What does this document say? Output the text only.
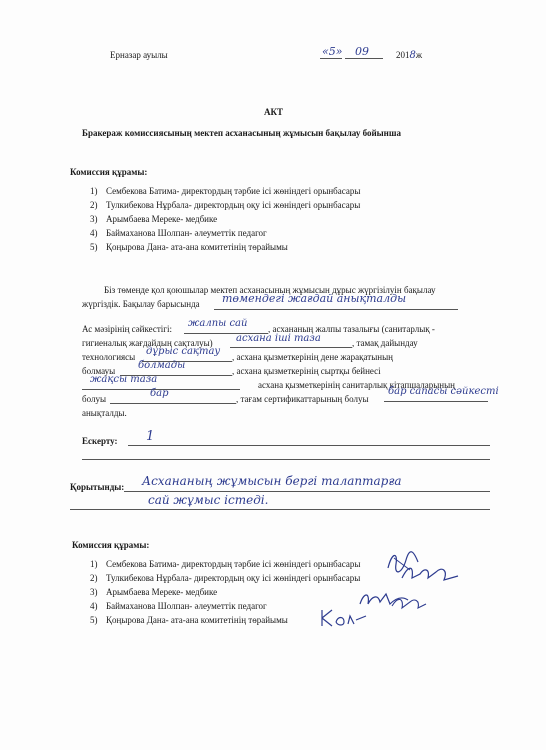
Ерназар ауылы	«5» 09	2018ж
АКТ
Бракераж комиссиясының мектеп асханасының жұмысын бақылау бойынша
Комиссия құрамы:
1) Сембекова Батима- директордың тәрбие ісі жөніндегі орынбасары
2) Тулкибекова Нұрбала- директордың оқу ісі жөніндегі орынбасары
3) Арымбаева Мереке- медбике
4) Баймаханова Шолпан- әлеуметтік педагог
5) Қоңырова Дана- ата-ана комитетінің төрайымы
Біз төменде қол қоюшылар мектеп асханасының жұмысын дұрыс жүргізілуін бақылау
жүргіздік. Бақылау барысында төмендегі жағдай анықталды
Ас мәзірінің сәйкестігі: жалпы сай , асхананың жалпы тазалығы (санитарлық -
гигиеналық жағдайдың сақталуы) асхана іші таза	, тамақ дайындау
технологиясы дұрыс сақтау , асхана қызметкерінің дене жарақатының
болмауы болмады	, асхана қызметкерінің сыртқы бейнесі
жақсы таза	асхана қызметкерінің санитарлық кітапшаларының
болуы	бар	, тағам сертификаттарының болуы
бар сапасы сәйкесті
анықталды.
Ескерту: 1
Қорытынды: Асхананың жұмысын бергі талаптарға
сай жұмыс істеді.
Комиссия құрамы:
1) Сембекова Батима- директордың тәрбие ісі жөніндегі орынбасары
2) Тулкибекова Нұрбала- директордың оқу ісі жөніндегі орынбасары
3) Арымбаева Мереке- медбике
4) Баймаханова Шолпан- әлеуметтік педагог
5) Қоңырова Дана- ата-ана комитетінің төрайымы
